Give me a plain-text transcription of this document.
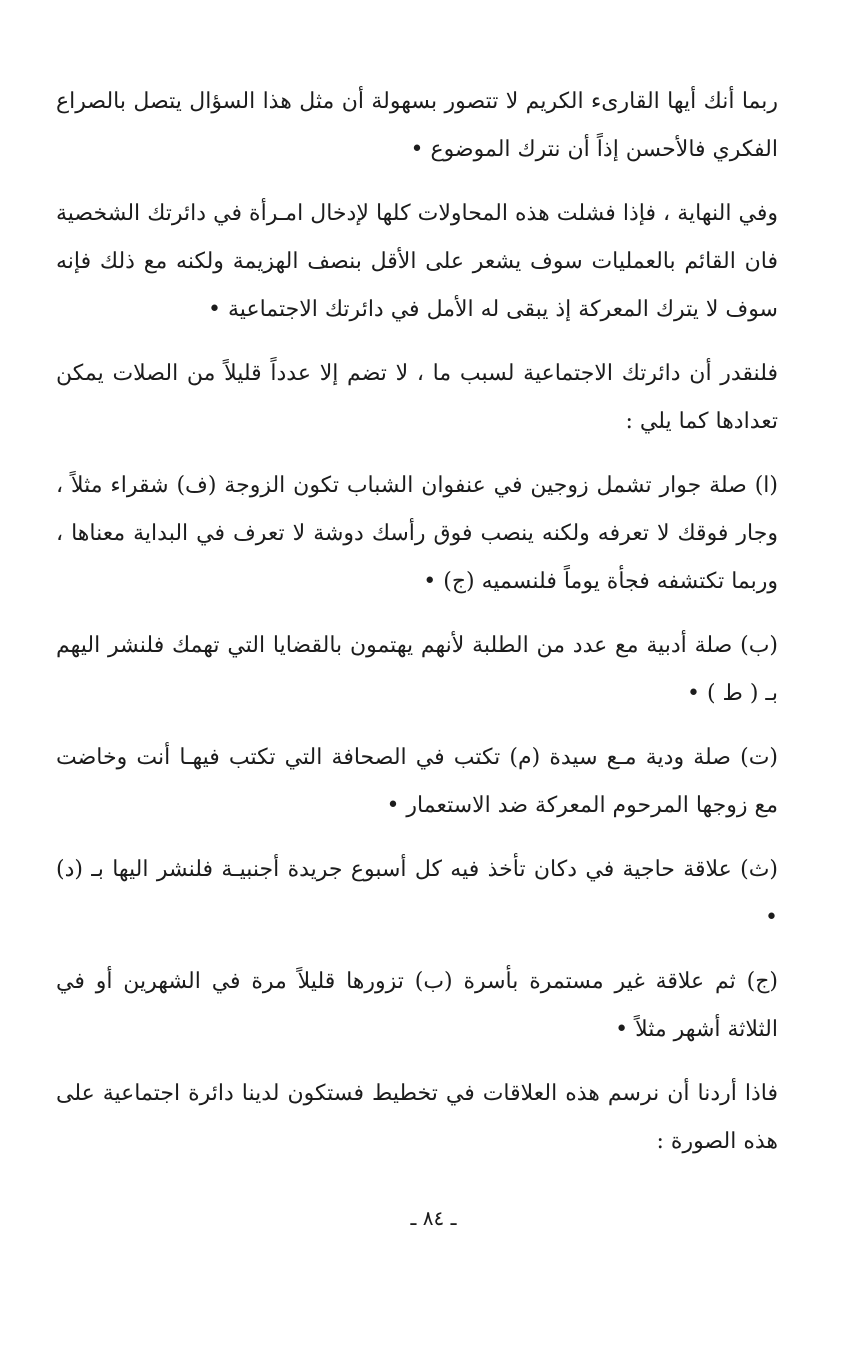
ربما أنك أيها القارىء الكريم لا تتصور بسهولة أن مثل هذا السؤال يتصل بالصراع الفكري فالأحسن إذاً أن نترك الموضوع •

وفي النهاية ، فإذا فشلت هذه المحاولات كلها لإدخال امـرأة في دائرتك الشخصية فان القائم بالعمليات سوف يشعر على الأقل بنصف الهزيمة ولكنه مع ذلك فإنه سوف لا يترك المعركة إذ يبقى له الأمل في دائرتك الاجتماعية •

فلنقدر أن دائرتك الاجتماعية لسبب ما ، لا تضم إلا عدداً قليلاً من الصلات يمكن تعدادها كما يلي :

(ا) صلة جوار تشمل زوجين في عنفوان الشباب تكون الزوجة (ف) شقراء مثلاً ، وجار فوقك لا تعرفه ولكنه ينصب فوق رأسك دوشة لا تعرف في البداية معناها ، وربما تكتشفه فجأة يوماً فلنسميه (ج) •

(ب) صلة أدبية مع عدد من الطلبة لأنهم يهتمون بالقضايا التي تهمك فلنشر اليهم بـ ( ط ) •

(ت) صلة ودية مـع سيدة (م) تكتب في الصحافة التي تكتب فيهـا أنت وخاضت مع زوجها المرحوم المعركة ضد الاستعمار •

(ث) علاقة حاجية في دكان تأخذ فيه كل أسبوع جريدة أجنبيـة فلنشر اليها بـ (د) •

(ج) ثم علاقة غير مستمرة بأسرة (ب) تزورها قليلاً مرة في الشهرين أو في الثلاثة أشهر مثلاً •

فاذا أردنا أن نرسم هذه العلاقات في تخطيط فستكون لدينا دائرة اجتماعية على هذه الصورة :

ـ ٨٤ ـ
